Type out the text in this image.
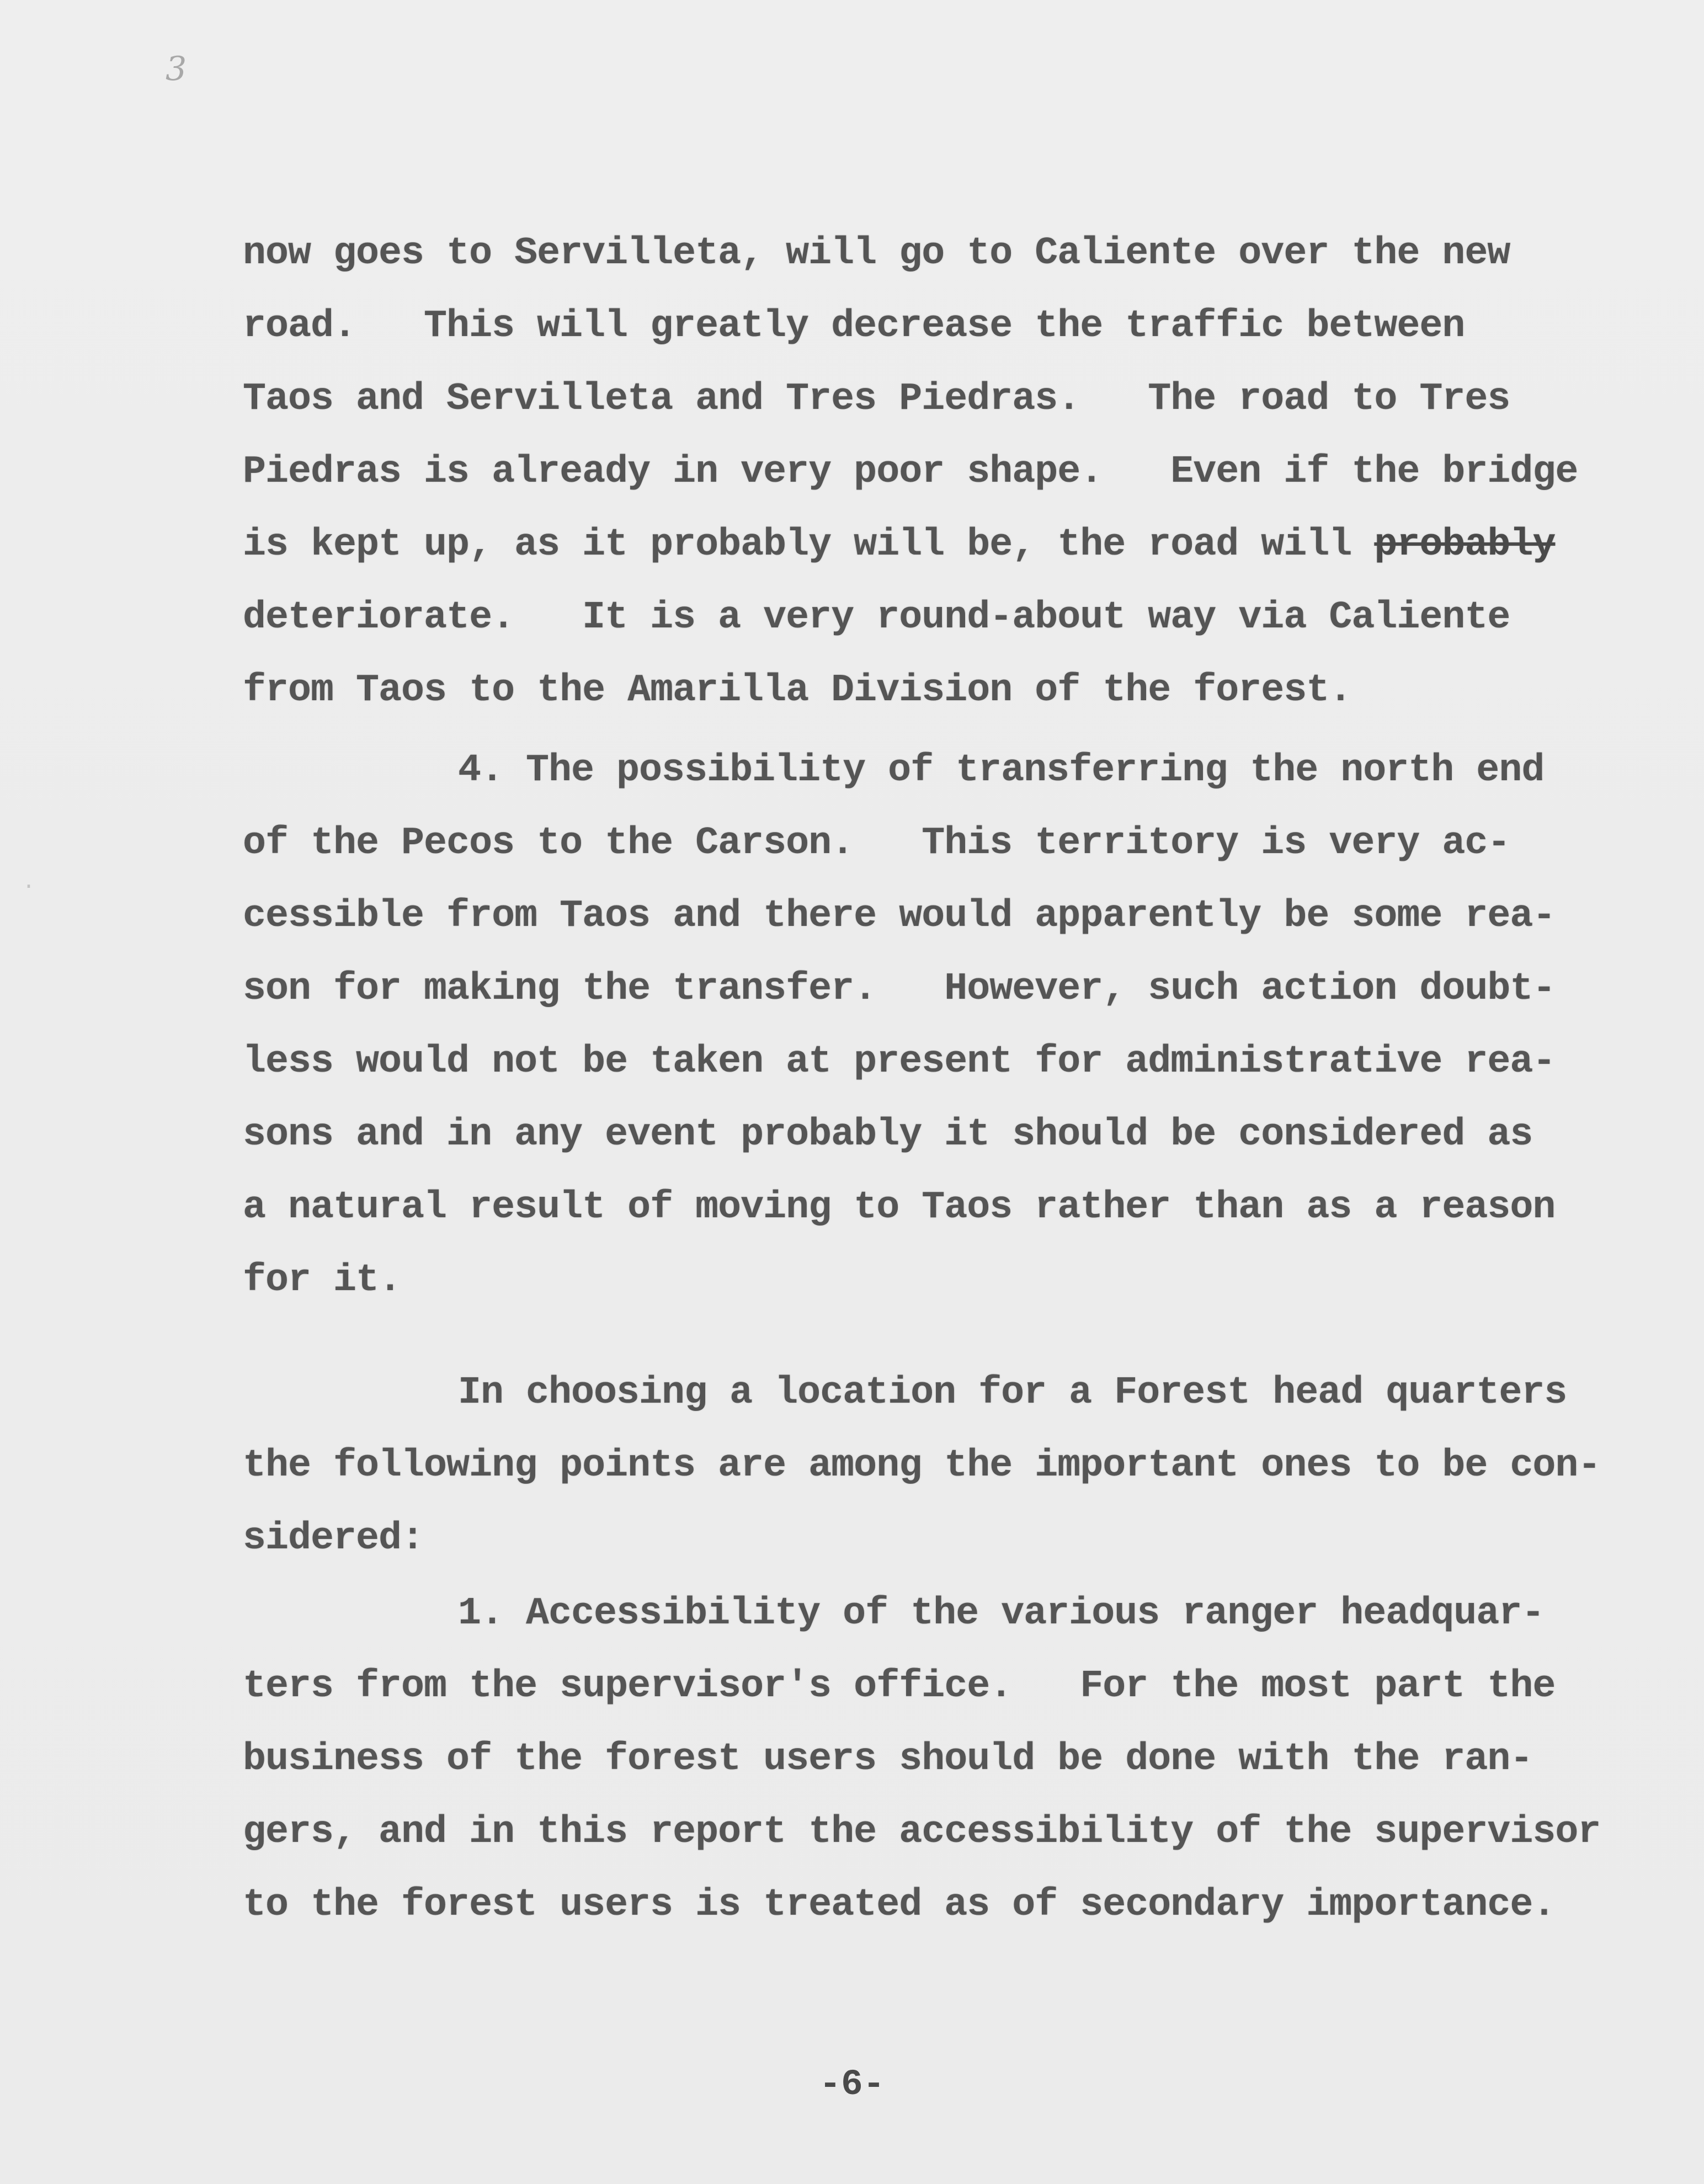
3
·
now goes to Servilleta, will go to Caliente over the new
road.   This will greatly decrease the traffic between
Taos and Servilleta and Tres Piedras.   The road to Tres
Piedras is already in very poor shape.   Even if the bridge
is kept up, as it probably will be, the road will probably
deteriorate.   It is a very round-about way via Caliente
from Taos to the Amarilla Division of the forest.
4. The possibility of transferring the north end
of the Pecos to the Carson.   This territory is very ac-
cessible from Taos and there would apparently be some rea-
son for making the transfer.   However, such action doubt-
less would not be taken at present for administrative rea-
sons and in any event probably it should be considered as
a natural result of moving to Taos rather than as a reason
for it.
In choosing a location for a Forest head quarters
the following points are among the important ones to be con-
sidered:
1. Accessibility of the various ranger headquar-
ters from the supervisor's office.   For the most part the
business of the forest users should be done with the ran-
gers, and in this report the accessibility of the supervisor
to the forest users is treated as of secondary importance.
-6-
